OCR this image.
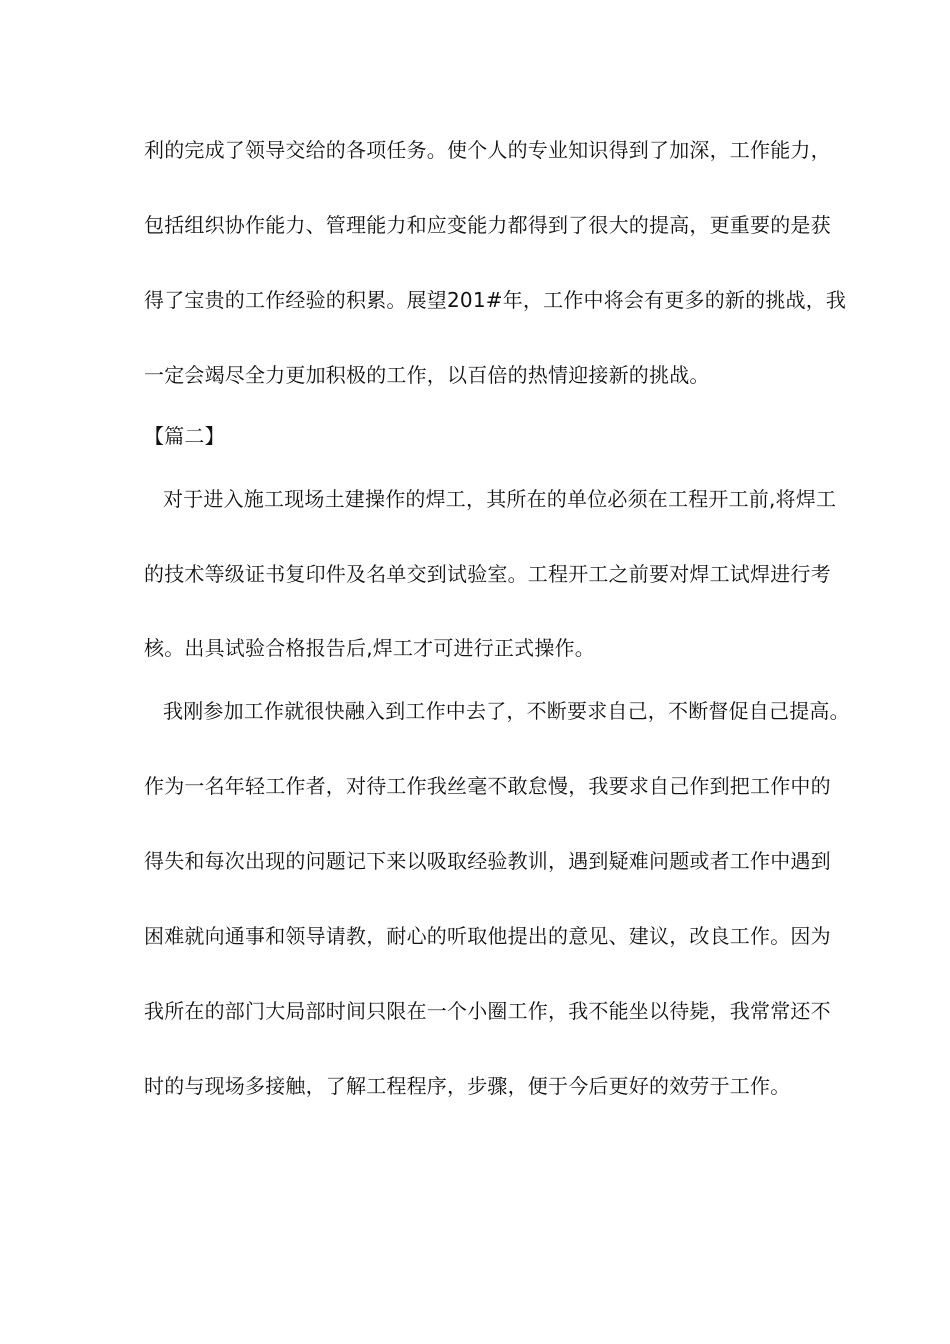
利的完成了领导交给的各项任务。使个人的专业知识得到了加深，工作能力，
包括组织协作能力、管理能力和应变能力都得到了很大的提高，更重要的是获
得了宝贵的工作经验的积累。展望201#年，工作中将会有更多的新的挑战，我
一定会竭尽全力更加积极的工作，以百倍的热情迎接新的挑战。
【篇二】
对于进入施工现场土建操作的焊工，其所在的单位必须在工程开工前,将焊工
的技术等级证书复印件及名单交到试验室。工程开工之前要对焊工试焊进行考
核。出具试验合格报告后,焊工才可进行正式操作。
我刚参加工作就很快融入到工作中去了，不断要求自己，不断督促自己提高。
作为一名年轻工作者，对待工作我丝毫不敢怠慢，我要求自己作到把工作中的
得失和每次出现的问题记下来以吸取经验教训，遇到疑难问题或者工作中遇到
困难就向通事和领导请教，耐心的听取他提出的意见、建议，改良工作。因为
我所在的部门大局部时间只限在一个小圈工作，我不能坐以待毙，我常常还不
时的与现场多接触，了解工程程序，步骤，便于今后更好的效劳于工作。
